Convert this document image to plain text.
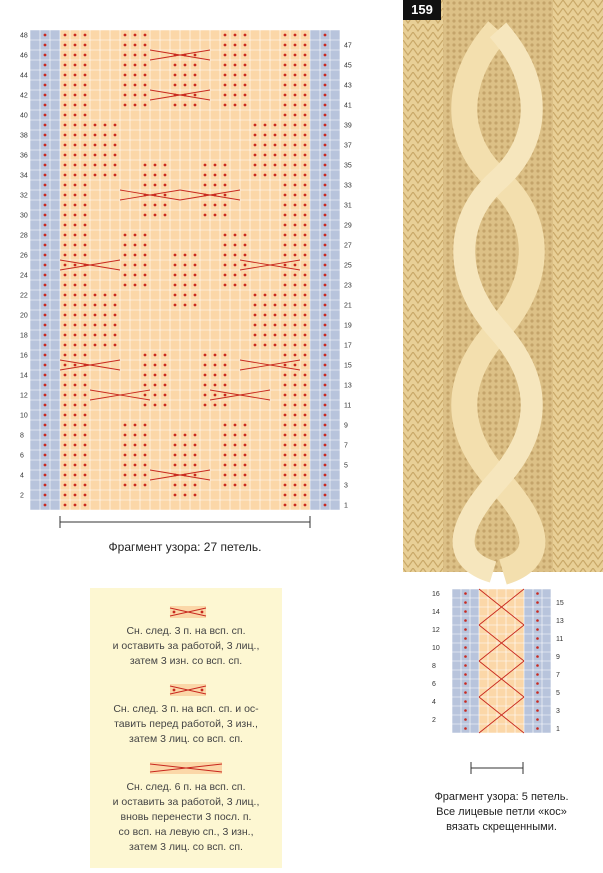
48
46
44
42
40
38
36
34
32
30
28
26
24
22
20
18
16
14
12
10
8
6
4
2
47
45
43
41
39
37
35
33
31
29
27
25
23
21
19
17
15
13
11
9
7
5
3
1
Фрагмент узора: 27 петель.
Сн. след. 3 п. на всп. сп.
и оставить за работой, 3 лиц.,
затем 3 изн. со всп. сп.
Сн. след. 3 п. на всп. сп. и ос-
тавить перед работой, 3 изн.,
затем 3 лиц. со всп. сп.
Сн. след. 6 п. на всп. сп.
и оставить за работой, 3 лиц.,
вновь перенести 3 посл. п.
со всп. на левую сп., 3 изн.,
затем 3 лиц. со всп. сп.
159
16
14
12
10
8
6
4
2
15
13
11
9
7
5
3
1
Фрагмент узора: 5 петель.
Все лицевые петли «кос»
вязать скрещенными.
